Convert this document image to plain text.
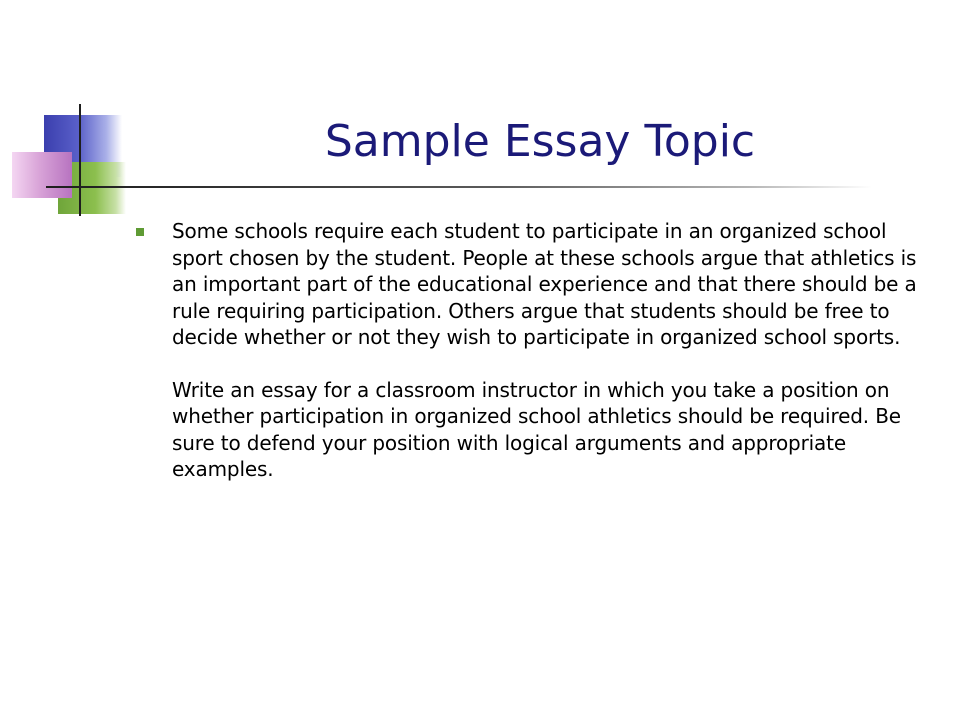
Sample Essay Topic

Some schools require each student to participate in an organized school sport chosen by the student. People at these schools argue that athletics is an important part of the educational experience and that there should be a rule requiring participation. Others argue that students should be free to decide whether or not they wish to participate in organized school sports.

Write an essay for a classroom instructor in which you take a position on whether participation in organized school athletics should be required. Be sure to defend your position with logical arguments and appropriate examples.
